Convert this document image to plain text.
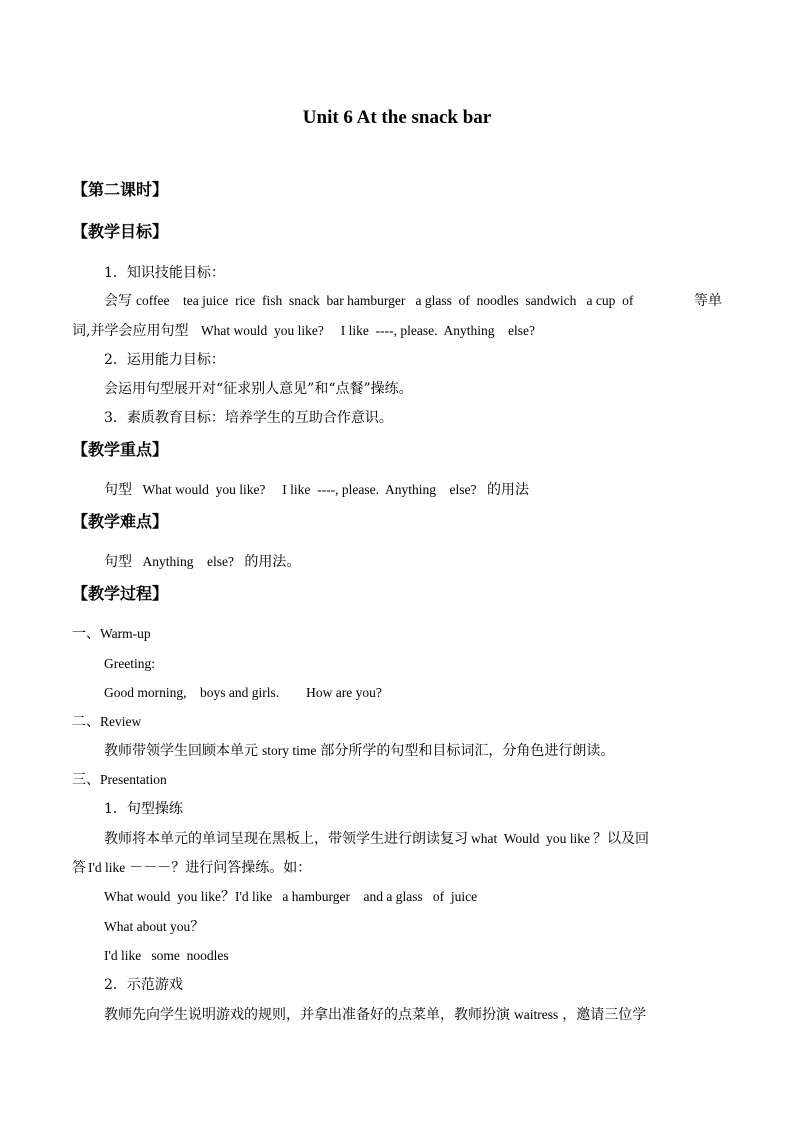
Unit 6 At the snack bar
【第二课时】
【教学目标】
1．知识技能目标：
会写 coffee    tea juice  rice  fish  snack  bar hamburger   a glass  of  noodles  sandwich   a cup  of	等单
词,并学会应用句型 What would  you like?     I like  ----, please.  Anything    else?
2．运用能力目标：
会运用句型展开对“征求别人意见”和“点餐”操练。
3．素质教育目标：培养学生的互助合作意识。
【教学重点】
句型 What would  you like?     I like  ----, please.  Anything    else? 的用法
【教学难点】
句型 Anything    else? 的用法。
【教学过程】
一、Warm-up
Greeting:
Good morning,    boys and girls.        How are you?
二、Review
教师带领学生回顾本单元 story time 部分所学的句型和目标词汇，分角色进行朗读。
三、Presentation
1．句型操练
教师将本单元的单词呈现在黑板上，带领学生进行朗读复习 what  Would  you like ？以及回
答 I'd like －－－？进行问答操练。如：
What would  you like？I'd like   a hamburger    and a glass   of  juice
What about you？
I'd like   some  noodles
2．示范游戏
教师先向学生说明游戏的规则，并拿出准备好的点菜单，教师扮演 waitress ，邀请三位学
